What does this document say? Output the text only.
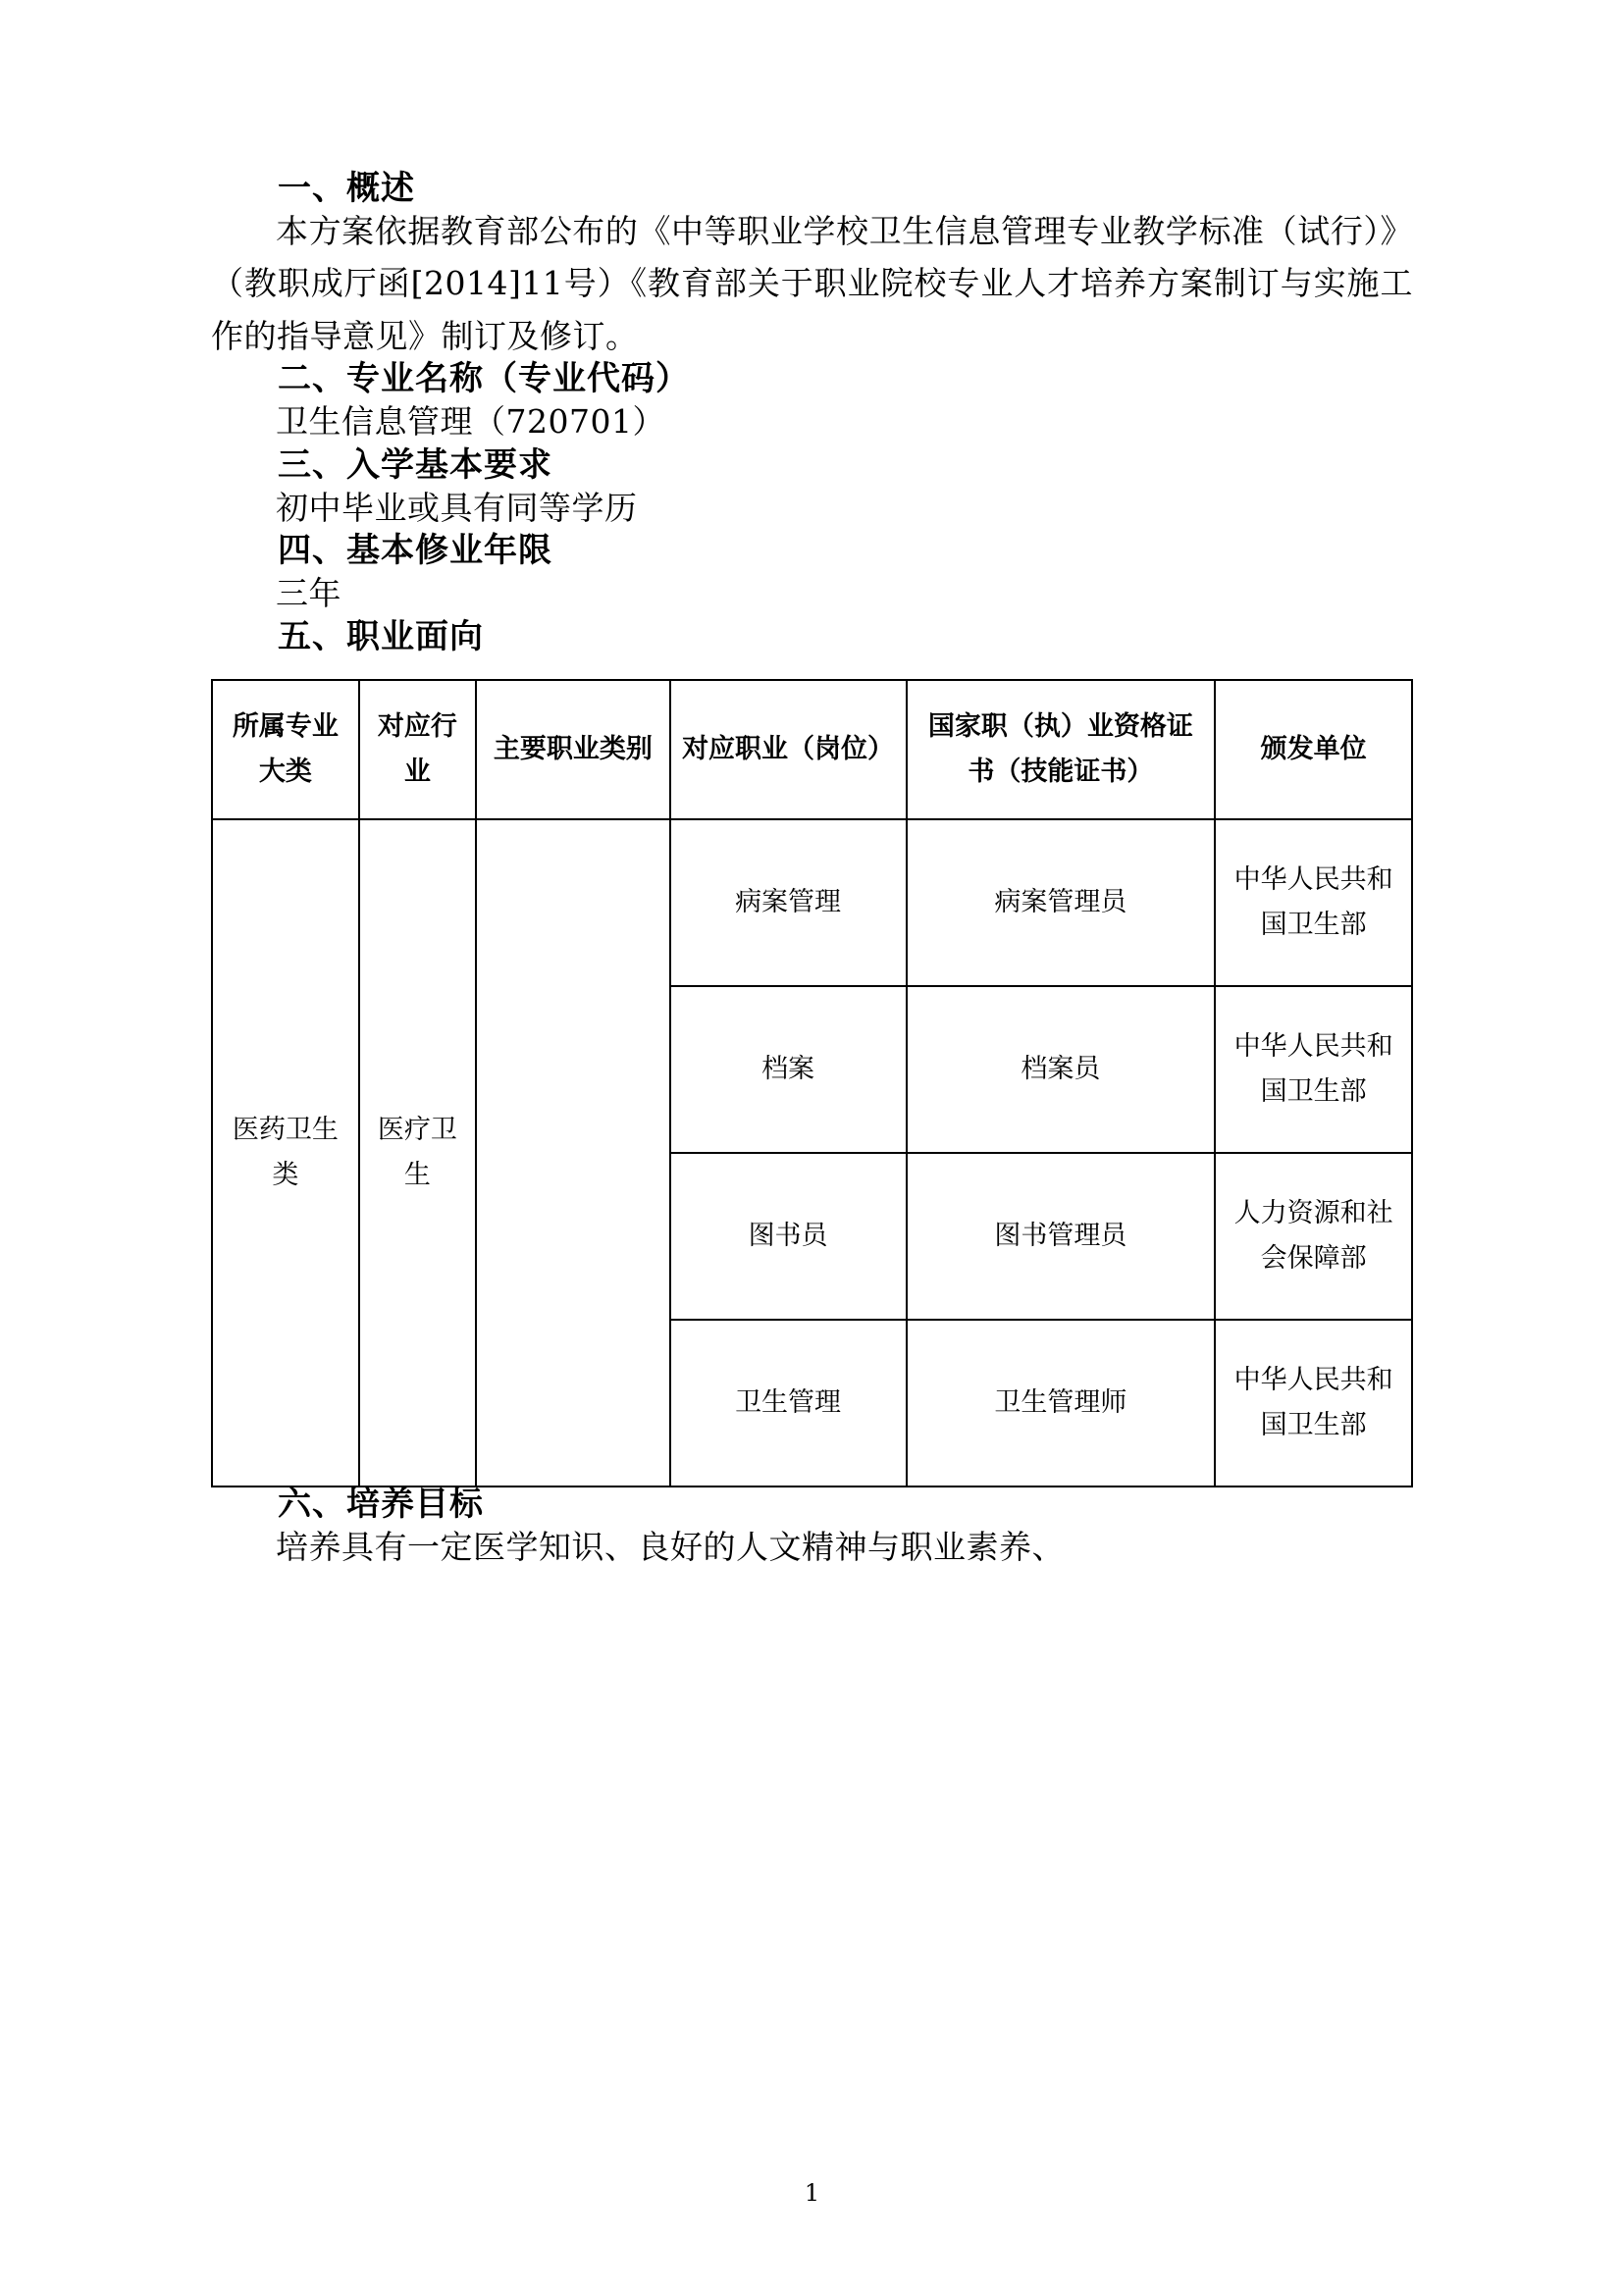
一、概述

本方案依据教育部公布的《中等职业学校卫生信息管理专业教学标准（试行）》（教职成厅函[2014]11号）《教育部关于职业院校专业人才培养方案制订与实施工作的指导意见》制订及修订。

二、专业名称（专业代码）

卫生信息管理（720701）

三、入学基本要求

初中毕业或具有同等学历

四、基本修业年限

三年

五、职业面向
所属专业大类	对应行业	主要职业类别	对应职业（岗位）	国家职（执）业资格证书（技能证书）	颁发单位
医药卫生类	医疗卫生		病案管理	病案管理员	中华人民共和国卫生部
			档案	档案员	中华人民共和国卫生部
			图书员	图书管理员	人力资源和社会保障部
			卫生管理	卫生管理师	中华人民共和国卫生部
六、培养目标

培养具有一定医学知识、良好的人文精神与职业素养、

1
